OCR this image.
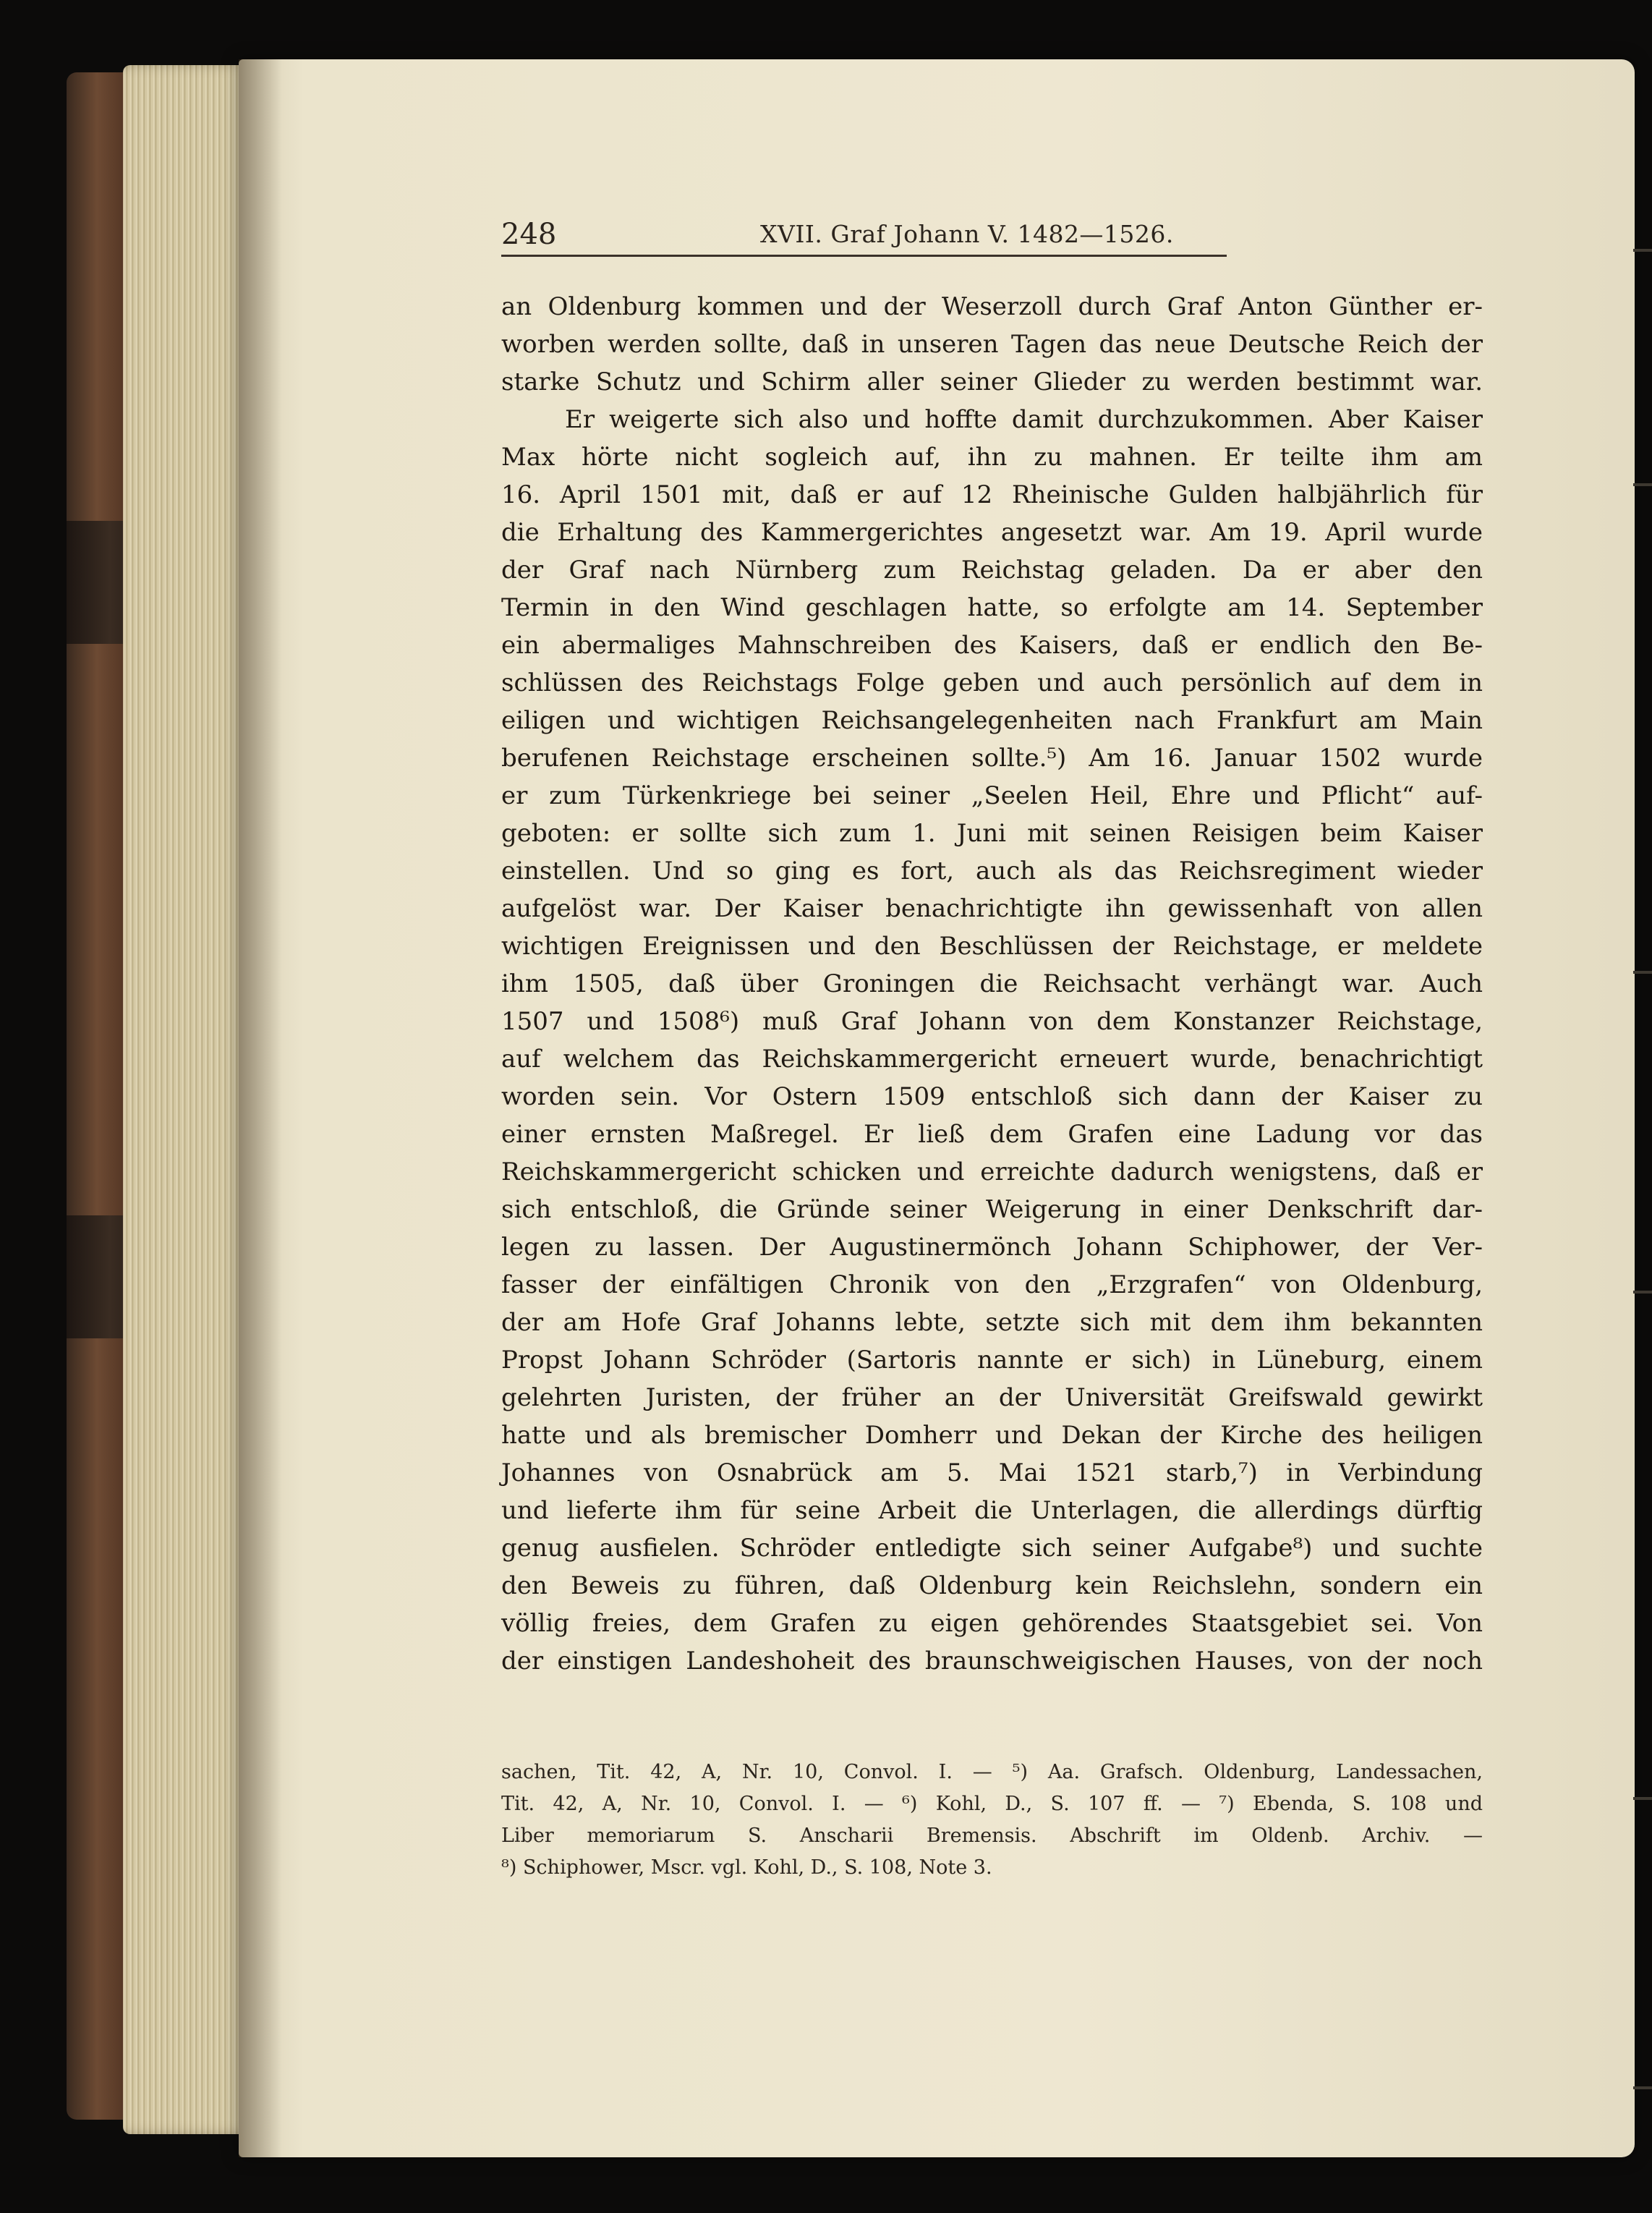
248	XVII. Graf Johann V. 1482—1526.
an Oldenburg kommen und der Weserzoll durch Graf Anton Günther er-
worben werden sollte, daß in unseren Tagen das neue Deutsche Reich der
starke Schutz und Schirm aller seiner Glieder zu werden bestimmt war.
Er weigerte sich also und hoffte damit durchzukommen. Aber Kaiser
Max hörte nicht sogleich auf, ihn zu mahnen. Er teilte ihm am
16. April 1501 mit, daß er auf 12 Rheinische Gulden halbjährlich für
die Erhaltung des Kammergerichtes angesetzt war. Am 19. April wurde
der Graf nach Nürnberg zum Reichstag geladen. Da er aber den
Termin in den Wind geschlagen hatte, so erfolgte am 14. September
ein abermaliges Mahnschreiben des Kaisers, daß er endlich den Be-
schlüssen des Reichstags Folge geben und auch persönlich auf dem in
eiligen und wichtigen Reichsangelegenheiten nach Frankfurt am Main
berufenen Reichstage erscheinen sollte.⁵) Am 16. Januar 1502 wurde
er zum Türkenkriege bei seiner „Seelen Heil, Ehre und Pflicht“ auf-
geboten: er sollte sich zum 1. Juni mit seinen Reisigen beim Kaiser
einstellen. Und so ging es fort, auch als das Reichsregiment wieder
aufgelöst war. Der Kaiser benachrichtigte ihn gewissenhaft von allen
wichtigen Ereignissen und den Beschlüssen der Reichstage, er meldete
ihm 1505, daß über Groningen die Reichsacht verhängt war. Auch
1507 und 1508⁶) muß Graf Johann von dem Konstanzer Reichstage,
auf welchem das Reichskammergericht erneuert wurde, benachrichtigt
worden sein. Vor Ostern 1509 entschloß sich dann der Kaiser zu
einer ernsten Maßregel. Er ließ dem Grafen eine Ladung vor das
Reichskammergericht schicken und erreichte dadurch wenigstens, daß er
sich entschloß, die Gründe seiner Weigerung in einer Denkschrift dar-
legen zu lassen. Der Augustinermönch Johann Schiphower, der Ver-
fasser der einfältigen Chronik von den „Erzgrafen“ von Oldenburg,
der am Hofe Graf Johanns lebte, setzte sich mit dem ihm bekannten
Propst Johann Schröder (Sartoris nannte er sich) in Lüneburg, einem
gelehrten Juristen, der früher an der Universität Greifswald gewirkt
hatte und als bremischer Domherr und Dekan der Kirche des heiligen
Johannes von Osnabrück am 5. Mai 1521 starb,⁷) in Verbindung
und lieferte ihm für seine Arbeit die Unterlagen, die allerdings dürftig
genug ausfielen. Schröder entledigte sich seiner Aufgabe⁸) und suchte
den Beweis zu führen, daß Oldenburg kein Reichslehn, sondern ein
völlig freies, dem Grafen zu eigen gehörendes Staatsgebiet sei. Von
der einstigen Landeshoheit des braunschweigischen Hauses, von der noch
sachen, Tit. 42, A, Nr. 10, Convol. I. — ⁵) Aa. Grafsch. Oldenburg, Landessachen,
Tit. 42, A, Nr. 10, Convol. I. — ⁶) Kohl, D., S. 107 ff. — ⁷) Ebenda, S. 108 und
Liber memoriarum S. Anscharii Bremensis. Abschrift im Oldenb. Archiv. —
⁸) Schiphower, Mscr. vgl. Kohl, D., S. 108, Note 3.
